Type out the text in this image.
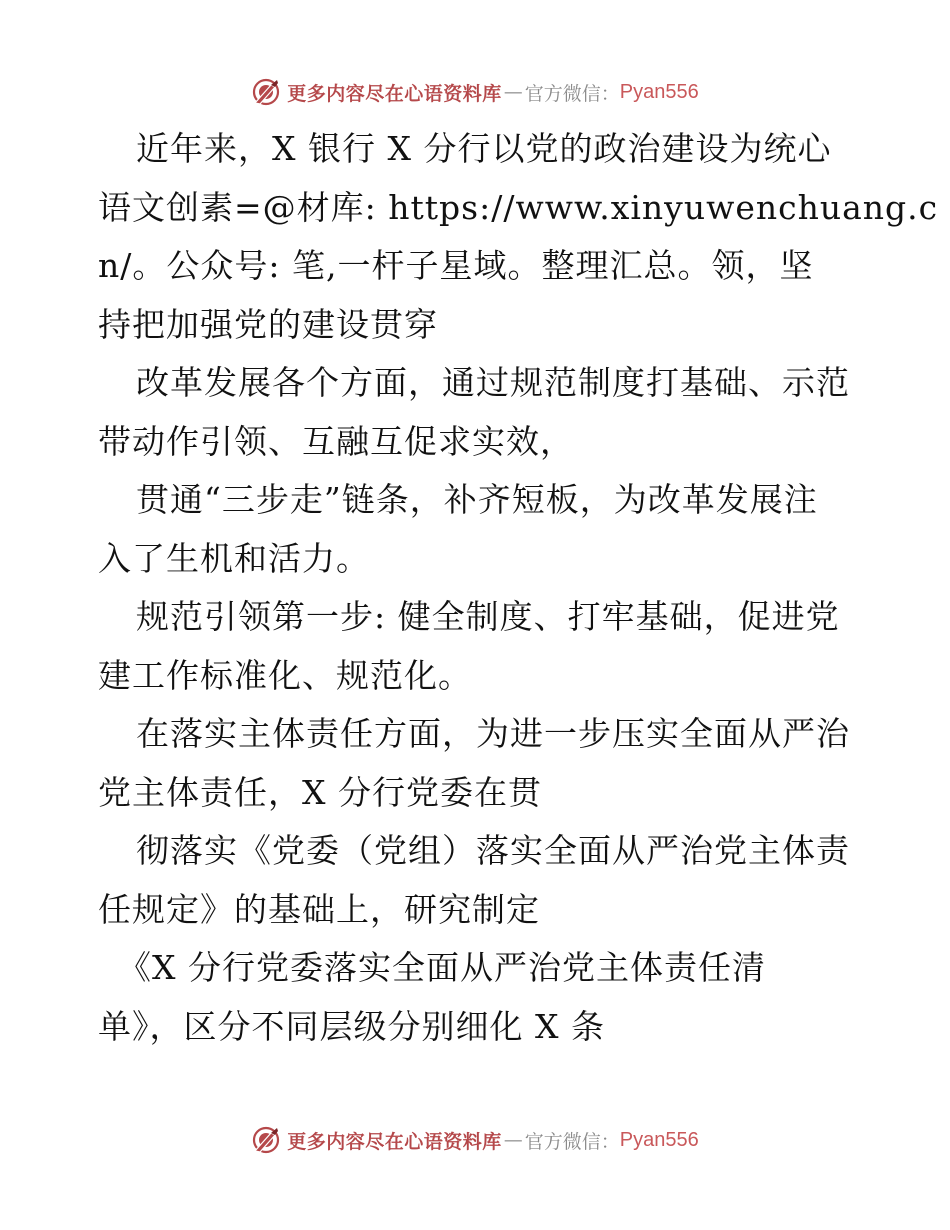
更多内容尽在心语资料库 — 官方微信： Pyan556
近年来，X 银行 X 分行以党的政治建设为统心
语文创素=@材库: https://www.xinyuwenchuang.c
n/。公众号: 笔,一杆子星域。整理汇总。领，坚
持把加强党的建设贯穿
改革发展各个方面，通过规范制度打基础、示范
带动作引领、互融互促求实效，
贯通“三步走”链条，补齐短板，为改革发展注
入了生机和活力。
规范引领第一步: 健全制度、打牢基础，促进党
建工作标准化、规范化。
在落实主体责任方面，为进一步压实全面从严治
党主体责任，X 分行党委在贯
彻落实《党委（党组）落实全面从严治党主体责
任规定》的基础上，研究制定
《X 分行党委落实全面从严治党主体责任清
单》，区分不同层级分别细化 X 条
更多内容尽在心语资料库 — 官方微信： Pyan556
